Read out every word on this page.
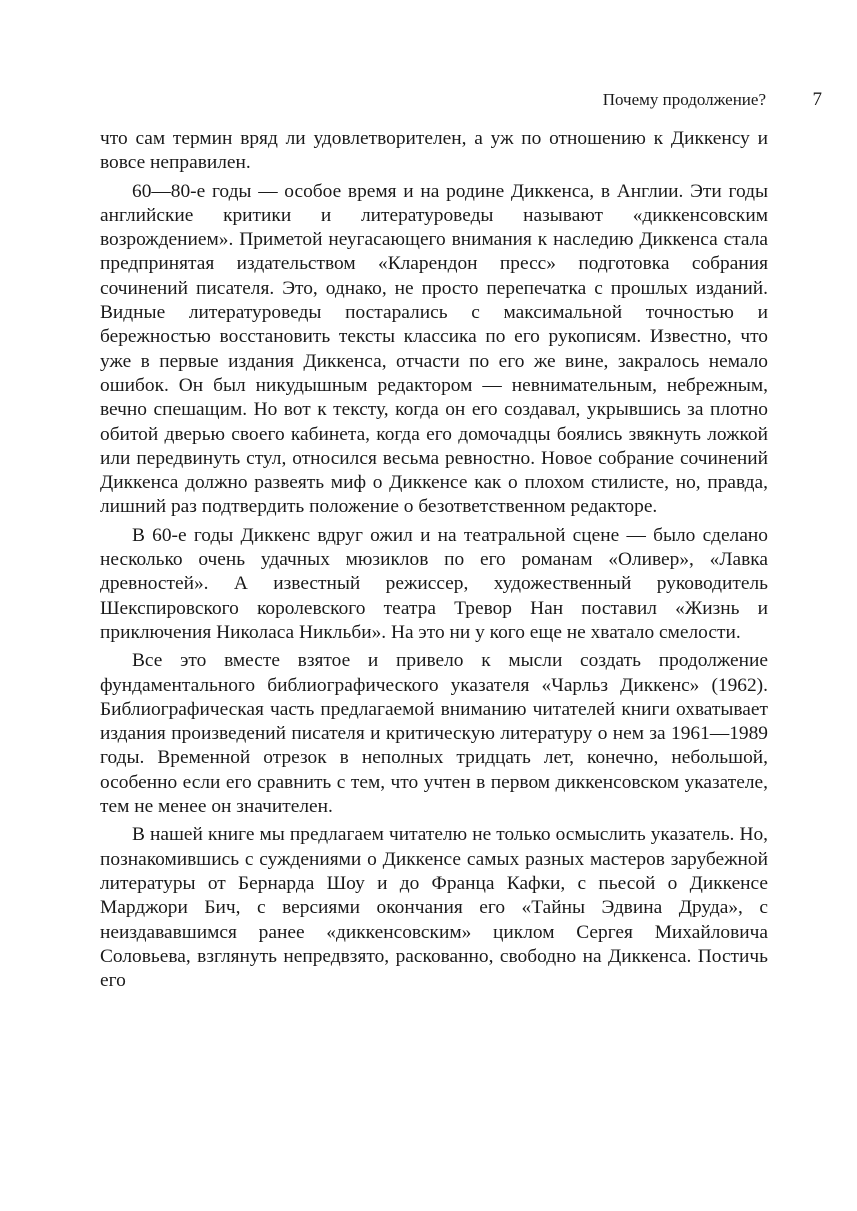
Почему продолжение? 7

что сам термин вряд ли удовлетворителен, а уж по отношению к Диккенсу и вовсе неправилен.

60—80-е годы — особое время и на родине Диккенса, в Англии. Эти годы английские критики и литературоведы называют «диккенсовским возрождением». Приметой неугасающего внимания к наследию Диккенса стала предпринятая издательством «Кларендон пресс» подготовка собрания сочинений писателя. Это, однако, не просто перепечатка с прошлых изданий. Видные литературоведы постарались с максимальной точностью и бережностью восстановить тексты классика по его рукописям. Известно, что уже в первые издания Диккенса, отчасти по его же вине, закралось немало ошибок. Он был никудышным редактором — невнимательным, небрежным, вечно спешащим. Но вот к тексту, когда он его создавал, укрывшись за плотно обитой дверью своего кабинета, когда его домочадцы боялись звякнуть ложкой или передвинуть стул, относился весьма ревностно. Новое собрание сочинений Диккенса должно развеять миф о Диккенсе как о плохом стилисте, но, правда, лишний раз подтвердить положение о безответственном редакторе.

В 60-е годы Диккенс вдруг ожил и на театральной сцене — было сделано несколько очень удачных мюзиклов по его романам «Оливер», «Лавка древностей». А известный режиссер, художественный руководитель Шекспировского королевского театра Тревор Нан поставил «Жизнь и приключения Николаса Никльби». На это ни у кого еще не хватало смелости.

Все это вместе взятое и привело к мысли создать продолжение фундаментального библиографического указателя «Чарльз Диккенс» (1962). Библиографическая часть предлагаемой вниманию читателей книги охватывает издания произведений писателя и критическую литературу о нем за 1961—1989 годы. Временной отрезок в неполных тридцать лет, конечно, небольшой, особенно если его сравнить с тем, что учтен в первом диккенсовском указателе, тем не менее он значителен.

В нашей книге мы предлагаем читателю не только осмыслить указатель. Но, познакомившись с суждениями о Диккенсе самых разных мастеров зарубежной литературы от Бернарда Шоу и до Франца Кафки, с пьесой о Диккенсе Марджори Бич, с версиями окончания его «Тайны Эдвина Друда», с неиздававшимся ранее «диккенсовским» циклом Сергея Михайловича Соловьева, взглянуть непредвзято, раскованно, свободно на Диккенса. Постичь его
